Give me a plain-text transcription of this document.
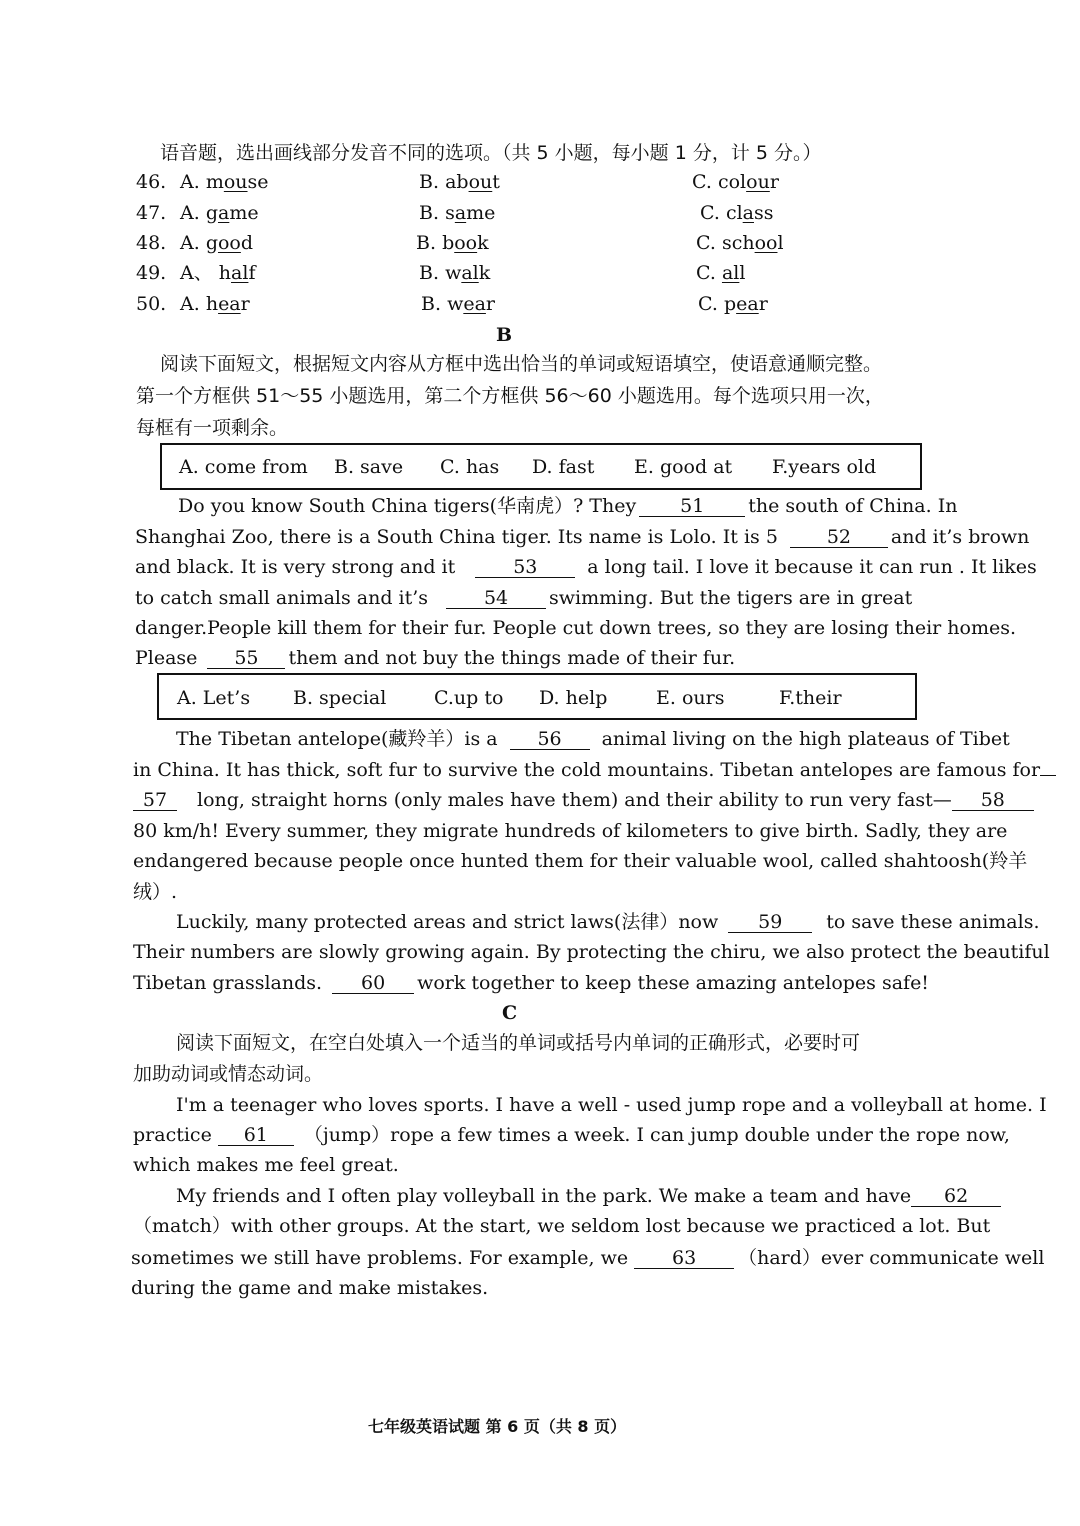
语音题，选出画线部分发音不同的选项。（共 5 小题，每小题 1 分，计 5 分。）
46. A. mouse	B. about	C. colour
47. A. game	B. same	C. class
48. A. good	B. book	C. school
49. A、 half	B. walk	C. all
50. A. hear	B. wear	C. pear
B
阅读下面短文，根据短文内容从方框中选出恰当的单词或短语填空，使语意通顺完整。
第一个方框供 51～55 小题选用，第二个方框供 56～60 小题选用。每个选项只用一次，
每框有一项剩余。
A. come from B. save C. has D. fast E. good at F.years old
Do you know South China tigers(华南虎）? They 51 the south of China. In
Shanghai Zoo, there is a South China tiger. Its name is Lolo. It is 5	52 and it’s brown
and black. It is very strong and it	53	a long tail. I love it because it can run . It likes
to catch small animals and it’s	54 swimming. But the tigers are in great
danger.People kill them for their fur. People cut down trees, so they are losing their homes.
Please 55 them and not buy the things made of their fur.
A. Let’s B. special	C.up to D. help	E. ours	F.their
The Tibetan antelope(藏羚羊）is a 56 animal living on the high plateaus of Tibet
in China. It has thick, soft fur to survive the cold mountains. Tibetan antelopes are famous for
57 long, straight horns (only males have them) and their ability to run very fast— 58
80 km/h! Every summer, they migrate hundreds of kilometers to give birth. Sadly, they are
endangered because people once hunted them for their valuable wool, called shahtoosh(羚羊
绒）.
Luckily, many protected areas and strict laws(法律）now 59 to save these animals.
Their numbers are slowly growing again. By protecting the chiru, we also protect the beautiful
Tibetan grasslands. 60 work together to keep these amazing antelopes safe!
C
阅读下面短文，在空白处填入一个适当的单词或括号内单词的正确形式，必要时可
加助动词或情态动词。
I'm a teenager who loves sports. I have a well - used jump rope and a volleyball at home. I
practice 61 （jump）rope a few times a week. I can jump double under the rope now,
which makes me feel great.
My friends and I often play volleyball in the park. We make a team and have 62
（match）with other groups. At the start, we seldom lost because we practiced a lot. But
sometimes we still have problems. For example, we 63 （hard）ever communicate well
during the game and make mistakes.
七年级英语试题 第 6 页（共 8 页）
